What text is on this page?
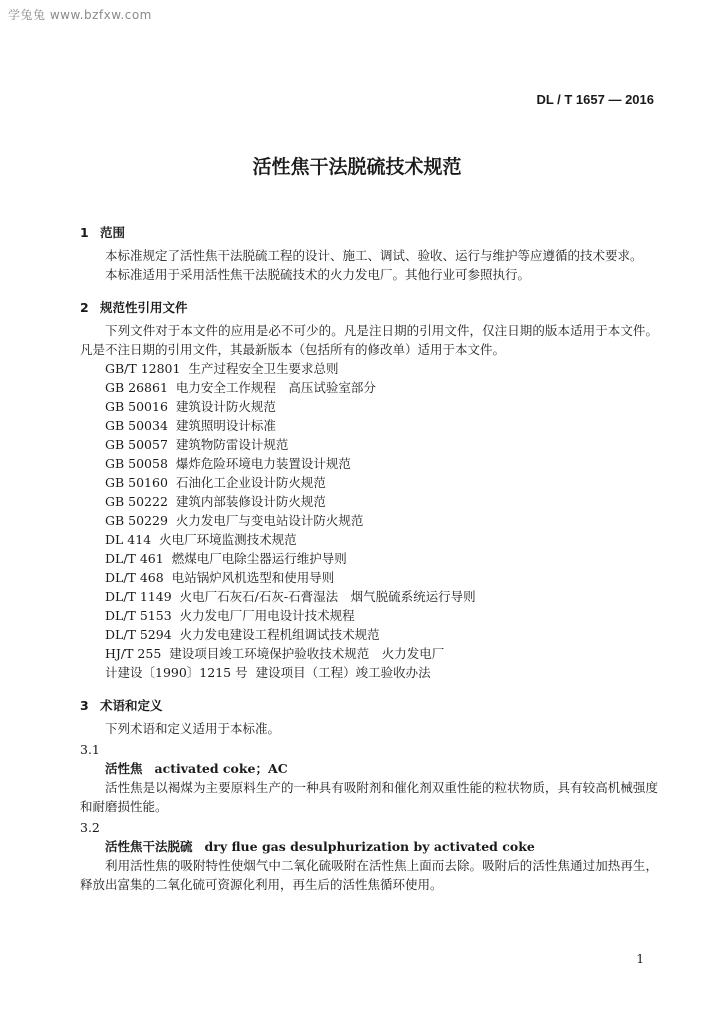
学兔兔 www.bzfxw.com
DL / T 1657 — 2016
活性焦干法脱硫技术规范
1 范围

本标准规定了活性焦干法脱硫工程的设计、施工、调试、验收、运行与维护等应遵循的技术要求。

本标准适用于采用活性焦干法脱硫技术的火力发电厂。其他行业可参照执行。

2 规范性引用文件

下列文件对于本文件的应用是必不可少的。凡是注日期的引用文件，仅注日期的版本适用于本文件。凡是不注日期的引用文件，其最新版本（包括所有的修改单）适用于本文件。

GB/T 12801 生产过程安全卫生要求总则
GB 26861 电力安全工作规程　高压试验室部分
GB 50016 建筑设计防火规范
GB 50034 建筑照明设计标准
GB 50057 建筑物防雷设计规范
GB 50058 爆炸危险环境电力装置设计规范
GB 50160 石油化工企业设计防火规范
GB 50222 建筑内部装修设计防火规范
GB 50229 火力发电厂与变电站设计防火规范
DL 414 火电厂环境监测技术规范
DL/T 461 燃煤电厂电除尘器运行维护导则
DL/T 468 电站锅炉风机选型和使用导则
DL/T 1149 火电厂石灰石/石灰-石膏湿法　烟气脱硫系统运行导则
DL/T 5153 火力发电厂厂用电设计技术规程
DL/T 5294 火力发电建设工程机组调试技术规范
HJ/T 255 建设项目竣工环境保护验收技术规范　火力发电厂
计建设〔1990〕1215 号 建设项目（工程）竣工验收办法
3 术语和定义

下列术语和定义适用于本标准。

3.1

活性焦 activated coke；AC

活性焦是以褐煤为主要原料生产的一种具有吸附剂和催化剂双重性能的粒状物质，具有较高机械强度和耐磨损性能。

3.2

活性焦干法脱硫 dry flue gas desulphurization by activated coke

利用活性焦的吸附特性使烟气中二氧化硫吸附在活性焦上面而去除。吸附后的活性焦通过加热再生，释放出富集的二氧化硫可资源化利用，再生后的活性焦循环使用。

1
